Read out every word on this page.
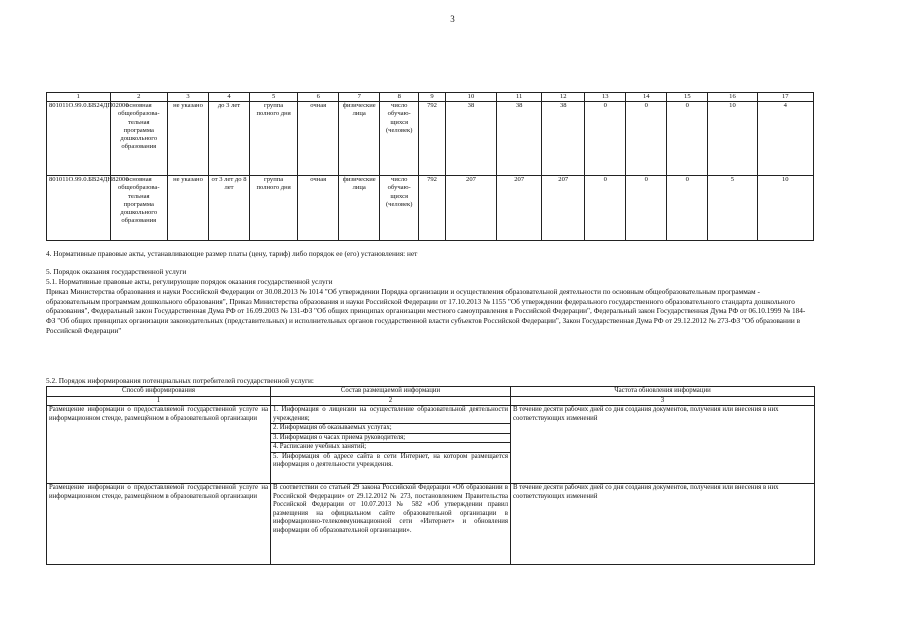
3
1	2	3	4	5	6	7	8	9	10	11	12	13	14	15	16	17
801011О.99.0.БВ24ДП02000	основная общеобразова-тельная программа дошкольного образования	не указано	до 3 лет	группа полного дня	очная	физические лица	число обучаю-щихся (человек)	792	38	38	38	0	0	0	10	4
801011О.99.0.БВ24ДН82000	основная общеобразова-тельная программа дошкольного образования	не указано	от 3 лет до 8 лет	группа полного дня	очная	физические лица	число обучаю-щихся (человек)	792	207	207	207	0	0	0	5	10
4. Нормативные правовые акты, устанавливающие размер платы (цену, тариф) либо порядок ее (его) установления: нет
5. Порядок оказания государственной услуги
5.1. Нормативные правовые акты, регулирующие порядок оказания государственной услуги
Приказ Министерства образования и науки Российской Федерации от 30.08.2013 № 1014 "Об утверждении Порядка организации и осуществления образовательной деятельности по основным общеобразовательным программам - образовательным программам дошкольного образования", Приказ Министерства образования и науки Российской Федерации от 17.10.2013 № 1155 "Об утверждении федерального государственного образовательного стандарта дошкольного образования", Федеральный закон Государственная Дума РФ от 16.09.2003 № 131-ФЗ "Об общих принципах организации местного самоуправления в Российской Федерации", Федеральный закон Государственная Дума РФ от 06.10.1999 № 184-ФЗ "Об общих принципах организации законодательных (представительных) и исполнительных органов государственной власти субъектов Российской Федерации", Закон Государственная Дума РФ от 29.12.2012 № 273-ФЗ "Об образовании в Российской Федерации"
5.2. Порядок информирования потенциальных потребителей государственной услуги:
Способ информирования	Состав размещаемой информации	Частота обновления информации
1	2	3
Размещение информации о предоставляемой государственной услуге на информационном стенде, размещённом в образовательной организации	1. Информация о лицензии на осуществление образовательной деятельности учреждения;
2. Информация об оказываемых услугах;
3. Информация о часах приема руководителя;
4. Расписание учебных занятий;
5. Информация об адресе сайта в сети Интернет, на котором размещается информация о деятельности учреждения.	В течение десяти рабочих дней со дня создания документов, получения или внесения в них соответствующих изменений
Размещение информации о предоставляемой государственной услуге на информационном стенде, размещённом в образовательной организации	В соответствии со статьей 29 закона Российской Федерации «Об образовании в Российской Федерации» от 29.12.2012 № 273, постановлением Правительства Российской Федерации от 10.07.2013 № 582 «Об утверждении правил размещения на официальном сайте образовательной организации в информационно-телекоммуникационной сети «Интернет» и обновления информации об образовательной организации».	В течение десяти рабочих дней со дня создания документов, получения или внесения в них соответствующих изменений
